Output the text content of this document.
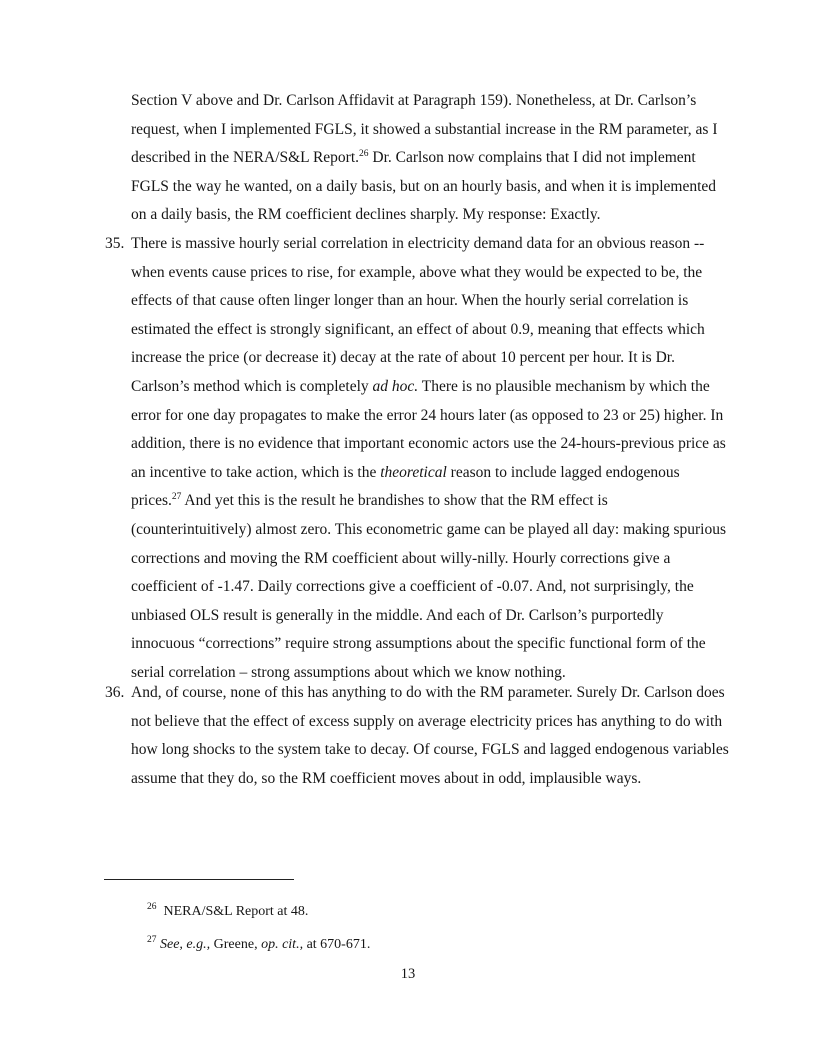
Section V above and Dr. Carlson Affidavit at Paragraph 159). Nonetheless, at Dr. Carlson’s request, when I implemented FGLS, it showed a substantial increase in the RM parameter, as I described in the NERA/S&L Report.$^{26}$ Dr. Carlson now complains that I did not implement FGLS the way he wanted, on a daily basis, but on an hourly basis, and when it is implemented on a daily basis, the RM coefficient declines sharply. My response: Exactly.
35. There is massive hourly serial correlation in electricity demand data for an obvious reason -- when events cause prices to rise, for example, above what they would be expected to be, the effects of that cause often linger longer than an hour. When the hourly serial correlation is estimated the effect is strongly significant, an effect of about 0.9, meaning that effects which increase the price (or decrease it) decay at the rate of about 10 percent per hour. It is Dr. Carlson’s method which is completely ad hoc. There is no plausible mechanism by which the error for one day propagates to make the error 24 hours later (as opposed to 23 or 25) higher. In addition, there is no evidence that important economic actors use the 24-hours-previous price as an incentive to take action, which is the theoretical reason to include lagged endogenous prices.$^{27}$ And yet this is the result he brandishes to show that the RM effect is (counterintuitively) almost zero. This econometric game can be played all day: making spurious corrections and moving the RM coefficient about willy-nilly. Hourly corrections give a coefficient of -1.47. Daily corrections give a coefficient of -0.07. And, not surprisingly, the unbiased OLS result is generally in the middle. And each of Dr. Carlson’s purportedly innocuous “corrections” require strong assumptions about the specific functional form of the serial correlation – strong assumptions about which we know nothing.
36. And, of course, none of this has anything to do with the RM parameter. Surely Dr. Carlson does not believe that the effect of excess supply on average electricity prices has anything to do with how long shocks to the system take to decay. Of course, FGLS and lagged endogenous variables assume that they do, so the RM coefficient moves about in odd, implausible ways.
$^{26}$ NERA/S&L Report at 48.
$^{27}$ See, e.g., Greene, op. cit., at 670-671.
13
